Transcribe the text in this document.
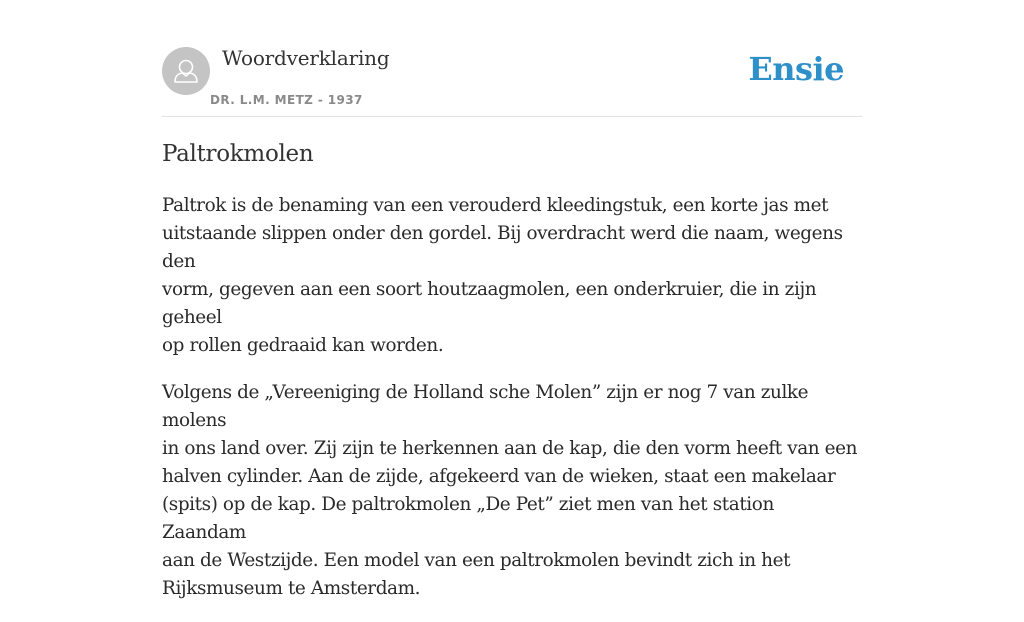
Woordverklaring
DR. L.M. METZ - 1937
Ensie
Paltrokmolen

Paltrok is de benaming van een verouderd kleedingstuk, een korte jas met
uitstaande slippen onder den gordel. Bij overdracht werd die naam, wegens den
vorm, gegeven aan een soort houtzaagmolen, een onderkruier, die in zijn geheel
op rollen gedraaid kan worden.

Volgens de „Vereeniging de Holland sche Molen” zijn er nog 7 van zulke molens
in ons land over. Zij zijn te herkennen aan de kap, die den vorm heeft van een
halven cylinder. Aan de zijde, afgekeerd van de wieken, staat een makelaar
(spits) op de kap. De paltrokmolen „De Pet” ziet men van het station Zaandam
aan de Westzijde. Een model van een paltrokmolen bevindt zich in het
Rijksmuseum te Amsterdam.
